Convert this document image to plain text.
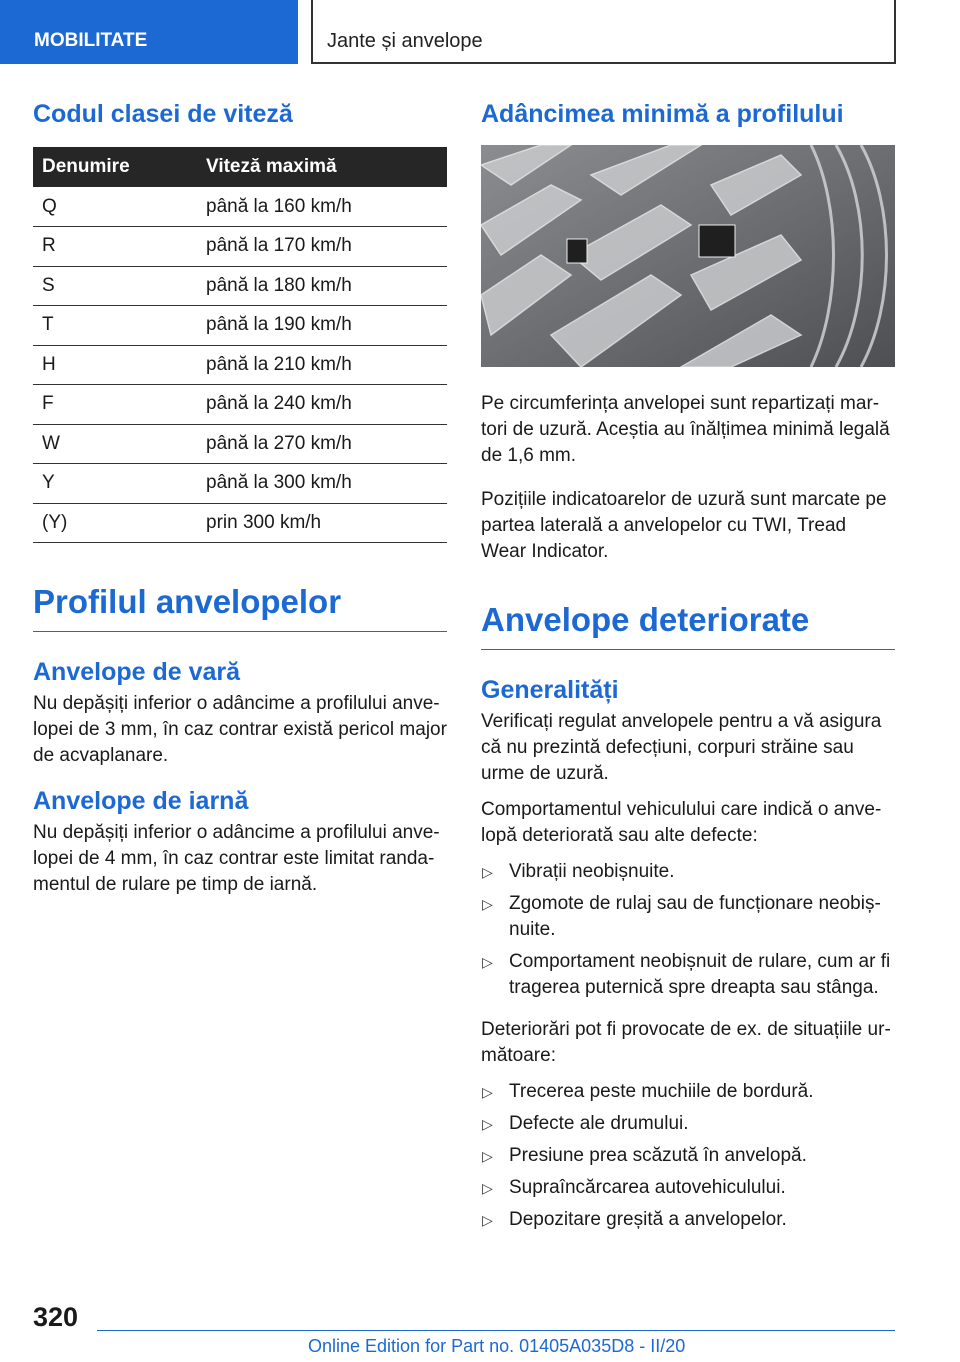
MOBILITATE	Jante și anvelope
Codul clasei de viteză
Denumire	Viteză maximă
Q	până la 160 km/h
R	până la 170 km/h
S	până la 180 km/h
T	până la 190 km/h
H	până la 210 km/h
F	până la 240 km/h
W	până la 270 km/h
Y	până la 300 km/h
(Y)	prin 300 km/h
Profilul anvelopelor
Anvelope de vară

Nu depășiți inferior o adâncime a profilului anvelopei de 3 mm, în caz contrar există pericol major de acvaplanare.

Anvelope de iarnă

Nu depășiți inferior o adâncime a profilului anvelopei de 4 mm, în caz contrar este limitat randamentul de rulare pe timp de iarnă.

Adâncimea minimă a profilului

Pe circumferința anvelopei sunt repartizați martori de uzură. Aceștia au înălțimea minimă legală de 1,6 mm.

Pozițiile indicatoarelor de uzură sunt marcate pe partea laterală a anvelopelor cu TWI, Tread Wear Indicator.

Anvelope deteriorate
Generalități

Verificați regulat anvelopele pentru a vă asigura că nu prezintă defecțiuni, corpuri străine sau urme de uzură.

Comportamentul vehiculului care indică o anvelopă deteriorată sau alte defecte:

▷ Vibrații neobișnuite.
▷ Zgomote de rulaj sau de funcționare neobișnuite.
▷ Comportament neobișnuit de rulare, cum ar fi tragerea puternică spre dreapta sau stânga.

Deteriorări pot fi provocate de ex. de situațiile următoare:

▷ Trecerea peste muchiile de bordură.
▷ Defecte ale drumului.
▷ Presiune prea scăzută în anvelopă.
▷ Supraîncărcarea autovehiculului.
▷ Depozitare greșită a anvelopelor.
320
Online Edition for Part no. 01405A035D8 - II/20
